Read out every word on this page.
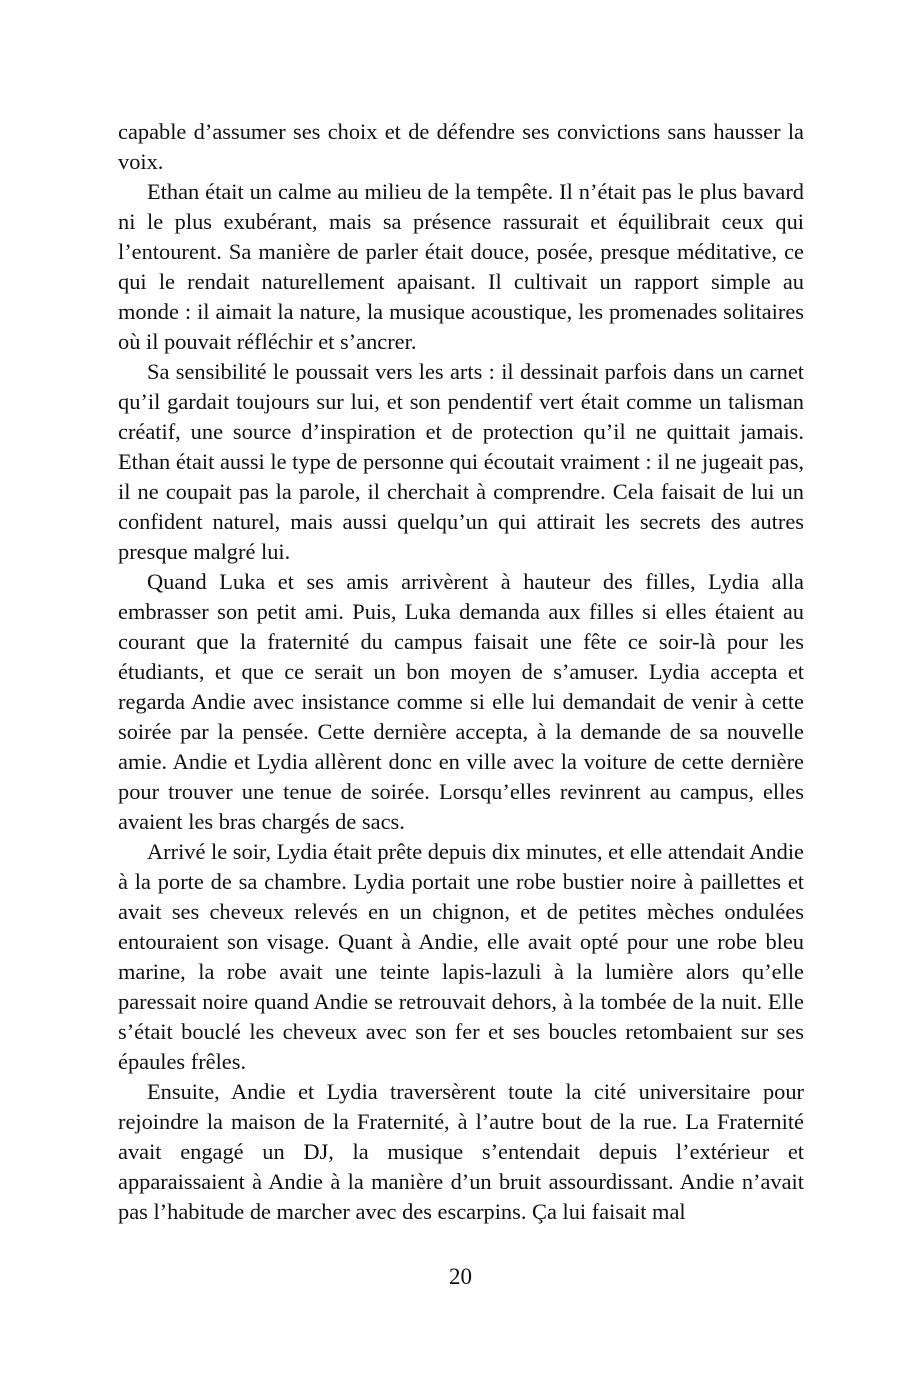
capable d’assumer ses choix et de défendre ses convictions sans hausser la voix.

Ethan était un calme au milieu de la tempête. Il n’était pas le plus bavard ni le plus exubérant, mais sa présence rassurait et équilibrait ceux qui l’entourent. Sa manière de parler était douce, posée, presque méditative, ce qui le rendait naturellement apaisant. Il cultivait un rapport simple au monde : il aimait la nature, la musique acoustique, les promenades solitaires où il pouvait réfléchir et s’ancrer.

Sa sensibilité le poussait vers les arts : il dessinait parfois dans un carnet qu’il gardait toujours sur lui, et son pendentif vert était comme un talisman créatif, une source d’inspiration et de protection qu’il ne quittait jamais. Ethan était aussi le type de personne qui écoutait vraiment : il ne jugeait pas, il ne coupait pas la parole, il cherchait à comprendre. Cela faisait de lui un confident naturel, mais aussi quelqu’un qui attirait les secrets des autres presque malgré lui.

Quand Luka et ses amis arrivèrent à hauteur des filles, Lydia alla embrasser son petit ami. Puis, Luka demanda aux filles si elles étaient au courant que la fraternité du campus faisait une fête ce soir-là pour les étudiants, et que ce serait un bon moyen de s’amuser. Lydia accepta et regarda Andie avec insistance comme si elle lui demandait de venir à cette soirée par la pensée. Cette dernière accepta, à la demande de sa nouvelle amie. Andie et Lydia allèrent donc en ville avec la voiture de cette dernière pour trouver une tenue de soirée. Lorsqu’elles revinrent au campus, elles avaient les bras chargés de sacs.

Arrivé le soir, Lydia était prête depuis dix minutes, et elle attendait Andie à la porte de sa chambre. Lydia portait une robe bustier noire à paillettes et avait ses cheveux relevés en un chignon, et de petites mèches ondulées entouraient son visage. Quant à Andie, elle avait opté pour une robe bleu marine, la robe avait une teinte lapis-lazuli à la lumière alors qu’elle paressait noire quand Andie se retrouvait dehors, à la tombée de la nuit. Elle s’était bouclé les cheveux avec son fer et ses boucles retombaient sur ses épaules frêles.

Ensuite, Andie et Lydia traversèrent toute la cité universitaire pour rejoindre la maison de la Fraternité, à l’autre bout de la rue. La Fraternité avait engagé un DJ, la musique s’entendait depuis l’extérieur et apparaissaient à Andie à la manière d’un bruit assourdissant. Andie n’avait pas l’habitude de marcher avec des escarpins. Ça lui faisait mal

20
